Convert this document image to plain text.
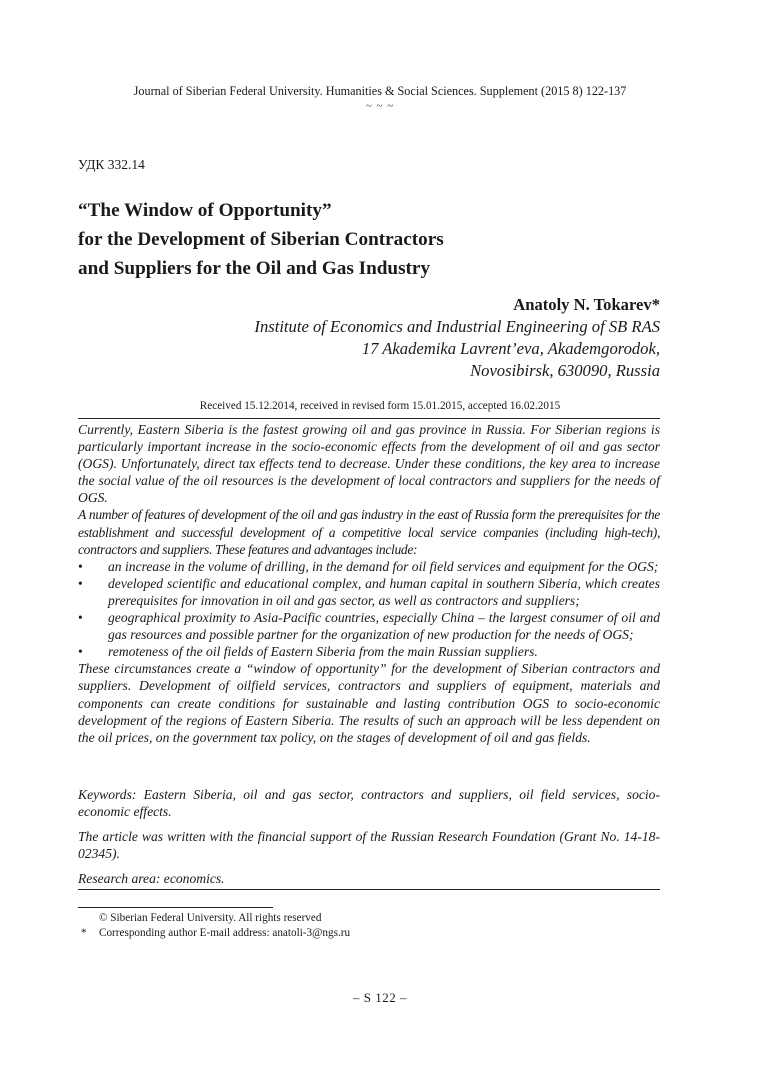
Journal of Siberian Federal University. Humanities & Social Sciences. Supplement (2015 8) 122-137
~ ~ ~
УДК 332.14
“The Window of Opportunity”
for the Development of Siberian Contractors
and Suppliers for the Oil and Gas Industry
Anatoly N. Tokarev*
Institute of Economics and Industrial Engineering of SB RAS
17 Akademika Lavrent’eva, Akademgorodok,
Novosibirsk, 630090, Russia
Received 15.12.2014, received in revised form 15.01.2015, accepted 16.02.2015

Currently, Eastern Siberia is the fastest growing oil and gas province in Russia. For Siberian regions is particularly important increase in the socio-economic effects from the development of oil and gas sector (OGS). Unfortunately, direct tax effects tend to decrease. Under these conditions, the key area to increase the social value of the oil resources is the development of local contractors and suppliers for the needs of OGS.

A number of features of development of the oil and gas industry in the east of Russia form the prerequisites for the establishment and successful development of a competitive local service companies (including high-tech), contractors and suppliers. These features and advantages include:

• an increase in the volume of drilling, in the demand for oil field services and equipment for the OGS;
• developed scientific and educational complex, and human capital in southern Siberia, which creates prerequisites for innovation in oil and gas sector, as well as contractors and suppliers;
• geographical proximity to Asia-Pacific countries, especially China – the largest consumer of oil and gas resources and possible partner for the organization of new production for the needs of OGS;
• remoteness of the oil fields of Eastern Siberia from the main Russian suppliers.

These circumstances create a “window of opportunity” for the development of Siberian contractors and suppliers. Development of oilfield services, contractors and suppliers of equipment, materials and components can create conditions for sustainable and lasting contribution OGS to socio-economic development of the regions of Eastern Siberia. The results of such an approach will be less dependent on the oil prices, on the government tax policy, on the stages of development of oil and gas fields.

Keywords: Eastern Siberia, oil and gas sector, contractors and suppliers, oil field services, socio-economic effects.

The article was written with the financial support of the Russian Research Foundation (Grant No. 14-18-02345).

Research area: economics.

© Siberian Federal University. All rights reserved
* Corresponding author E-mail address: anatoli-3@ngs.ru
– S 122 –
